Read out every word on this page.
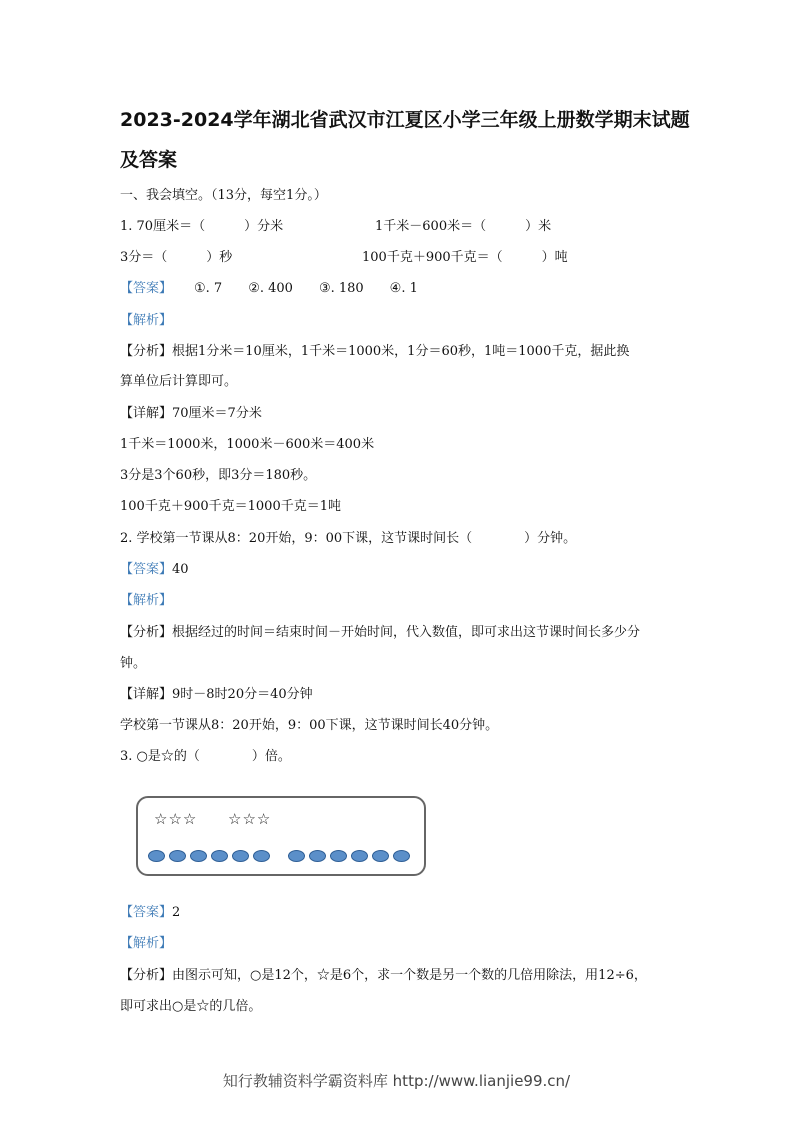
2023-2024学年湖北省武汉市江夏区小学三年级上册数学期末试题及答案
一、我会填空。（13分，每空1分。）
1. 70厘米＝（　　　）分米	1千米－600米＝（　　　）米
3分＝（　　　）秒	100千克＋900千克＝（　　　）吨
【答案】 ①. 7　　②. 400　　③. 180　　④. 1
【解析】
【分析】根据1分米＝10厘米，1千米＝1000米，1分＝60秒，1吨＝1000千克，据此换
算单位后计算即可。
【详解】70厘米＝7分米
1千米＝1000米，1000米－600米＝400米
3分是3个60秒，即3分＝180秒。
100千克＋900千克＝1000千克＝1吨
2. 学校第一节课从8：20开始，9：00下课，这节课时间长（　　　　）分钟。
【答案】40
【解析】
【分析】根据经过的时间＝结束时间－开始时间，代入数值，即可求出这节课时间长多少分
钟。
【详解】9时－8时20分＝40分钟
学校第一节课从8：20开始，9：00下课，这节课时间长40分钟。
3. ○是☆的（　　　　）倍。
☆☆☆ ☆☆☆
【答案】2
【解析】
【分析】由图示可知，○是12个，☆是6个，求一个数是另一个数的几倍用除法，用12÷6，
即可求出○是☆的几倍。
知行教辅资料学霸资料库 http://www.lianjie99.cn/
